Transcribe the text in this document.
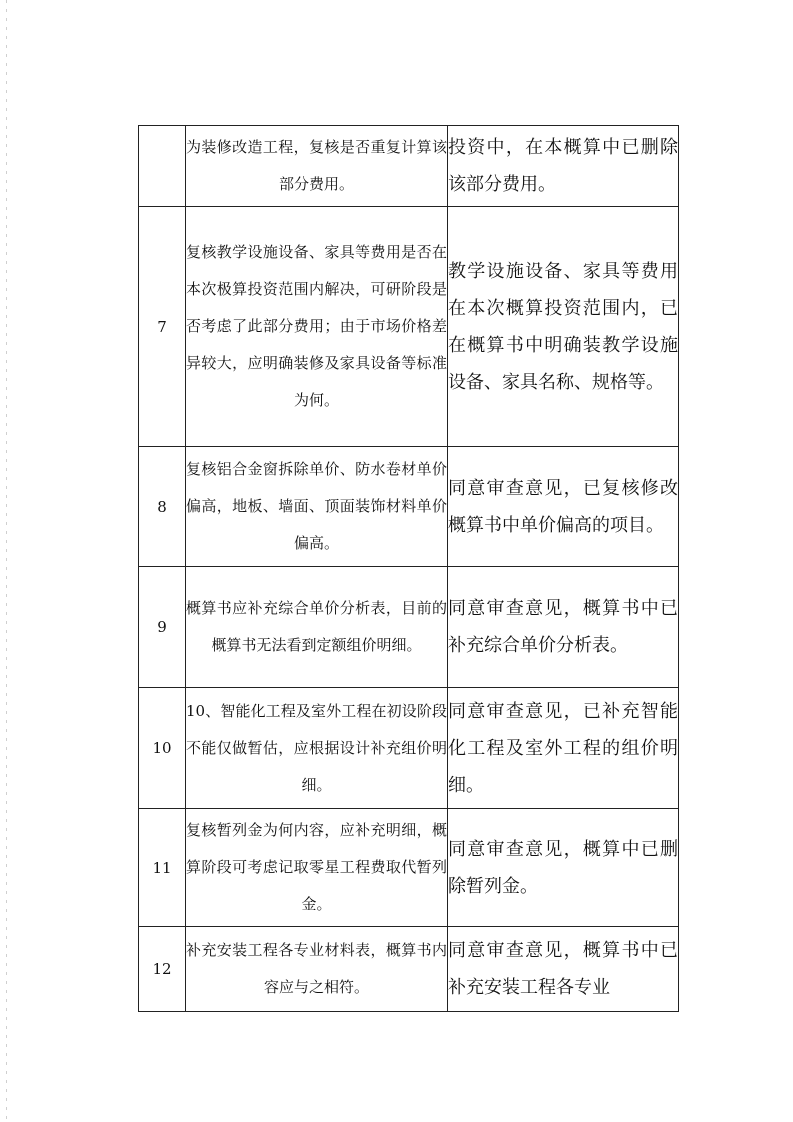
	为装修改造工程，复核是否重复计算该部分费用。	投资中，在本概算中已删除该部分费用。

7	复核教学设施设备、家具等费用是否在本次极算投资范围内解决，可研阶段是否考虑了此部分费用；由于市场价格差异较大，应明确装修及家具设备等标准为何。	教学设施设备、家具等费用在本次概算投资范围内，已在概算书中明确装教学设施设备、家具名称、规格等。

8	复核铝合金窗拆除单价、防水卷材单价偏高，地板、墙面、顶面装饰材料单价偏高。	同意审查意见，已复核修改概算书中单价偏高的项目。

9	概算书应补充综合单价分析表，目前的概算书无法看到定额组价明细。	同意审查意见，概算书中已补充综合单价分析表。

10	10、智能化工程及室外工程在初设阶段不能仅做暂估，应根据设计补充组价明细。	同意审查意见，已补充智能化工程及室外工程的组价明细。

11	复核暂列金为何内容，应补充明细，概算阶段可考虑记取零星工程费取代暂列金。	同意审查意见，概算中已删除暂列金。

12	补充安装工程各专业材料表，概算书内容应与之相符。	同意审查意见，概算书中已补充安装工程各专业
